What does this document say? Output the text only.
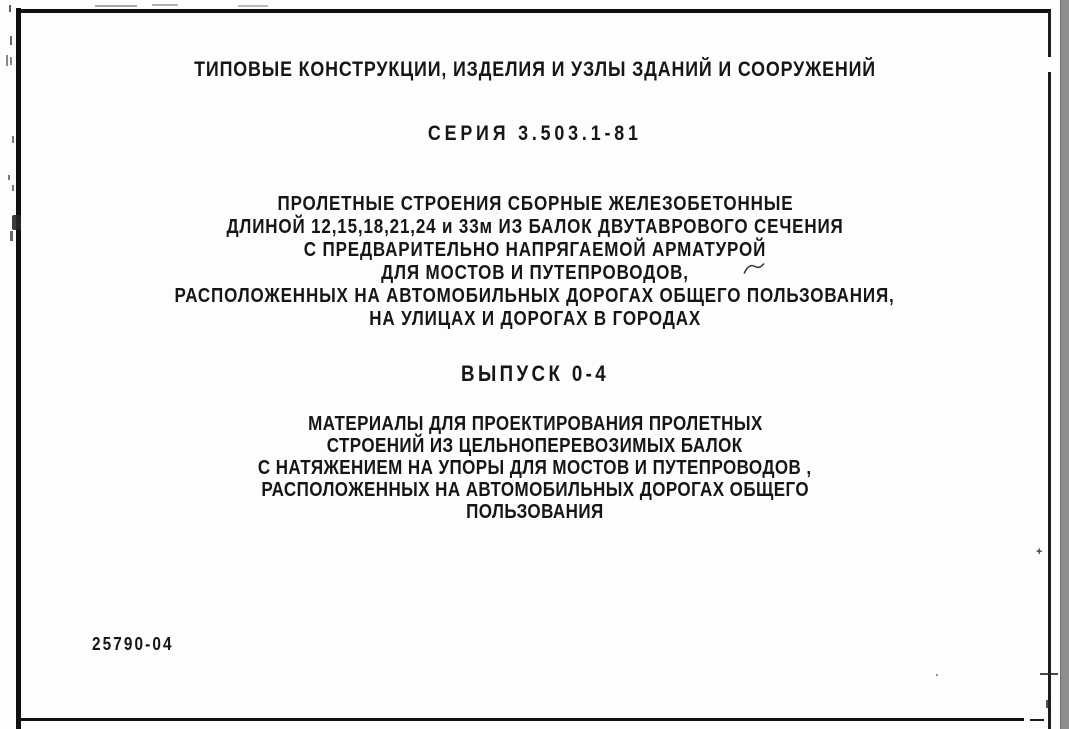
ТИПОВЫЕ КОНСТРУКЦИИ, ИЗДЕЛИЯ И УЗЛЫ ЗДАНИЙ И СООРУЖЕНИЙ
СЕРИЯ 3.503.1-81
ПРОЛЕТНЫЕ СТРОЕНИЯ СБОРНЫЕ ЖЕЛЕЗОБЕТОННЫЕ
ДЛИНОЙ 12,15,18,21,24 и 33м ИЗ БАЛОК ДВУТАВРОВОГО СЕЧЕНИЯ
С ПРЕДВАРИТЕЛЬНО НАПРЯГАЕМОЙ АРМАТУРОЙ
ДЛЯ МОСТОВ И ПУТЕПРОВОДОВ,
РАСПОЛОЖЕННЫХ НА АВТОМОБИЛЬНЫХ ДОРОГАХ ОБЩЕГО ПОЛЬЗОВАНИЯ,
НА УЛИЦАХ И ДОРОГАХ В ГОРОДАХ
ВЫПУСК 0-4
МАТЕРИАЛЫ ДЛЯ ПРОЕКТИРОВАНИЯ ПРОЛЕТНЫХ
СТРОЕНИЙ ИЗ ЦЕЛЬНОПЕРЕВОЗИМЫХ БАЛОК
С НАТЯЖЕНИЕМ НА УПОРЫ ДЛЯ МОСТОВ И ПУТЕПРОВОДОВ ,
РАСПОЛОЖЕННЫХ НА АВТОМОБИЛЬНЫХ ДОРОГАХ ОБЩЕГО
ПОЛЬЗОВАНИЯ
25790-04
+
